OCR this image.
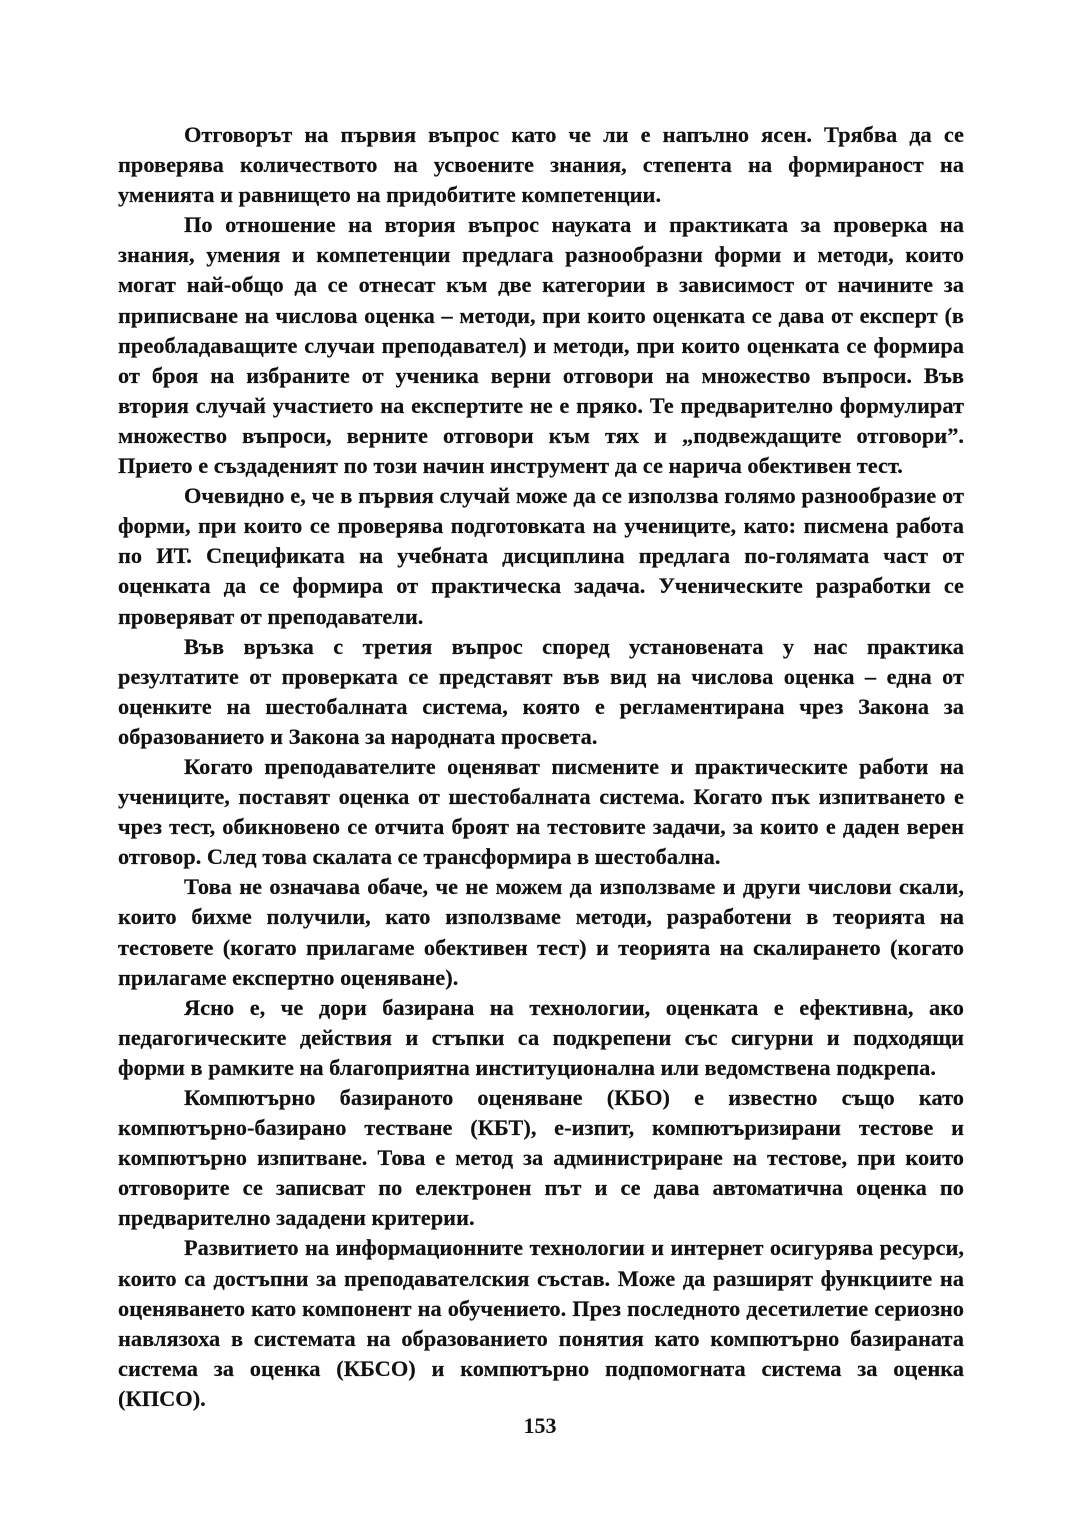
Отговорът на първия въпрос като че ли е напълно ясен. Трябва да се проверява количеството на усвоените знания, степента на формираност на уменията и равнището на придобитите компетенции.

По отношение на втория въпрос науката и практиката за проверка на знания, умения и компетенции предлага разнообразни форми и методи, които могат най-общо да се отнесат към две категории в зависимост от начините за приписване на числова оценка – методи, при които оценката се дава от експерт (в преобладаващите случаи преподавател) и методи, при които оценката се формира от броя на избраните от ученика верни отговори на множество въпроси. Във втория случай участието на експертите не е пряко. Те предварително формулират множество въпроси, верните отговори към тях и „подвеждащите отговори”. Прието е създаденият по този начин инструмент да се нарича обективен тест.

Очевидно е, че в първия случай може да се използва голямо разнообразие от форми, при които се проверява подготовката на учениците, като: писмена работа по ИТ. Спецификата на учебната дисциплина предлага по-голямата част от оценката да се формира от практическа задача. Ученическите разработки се проверяват от преподаватели.

Във връзка с третия въпрос според установената у нас практика резултатите от проверката се представят във вид на числова оценка – една от оценките на шестобалната система, която е регламентирана чрез Закона за образованието и Закона за народната просвета.

Когато преподавателите оценяват писмените и практическите работи на учениците, поставят оценка от шестобалната система. Когато пък изпитването е чрез тест, обикновено се отчита броят на тестовите задачи, за които е даден верен отговор. След това скалата се трансформира в шестобална.

Това не означава обаче, че не можем да използваме и други числови скали, които бихме получили, като използваме методи, разработени в теорията на тестовете (когато прилагаме обективен тест) и теорията на скалирането (когато прилагаме експертно оценяване).

Ясно е, че дори базирана на технологии, оценката е ефективна, ако педагогическите действия и стъпки са подкрепени със сигурни и подходящи форми в рамките на благоприятна институционална или ведомствена подкрепа.

Компютърно базираното оценяване (КБО) е известно също като компютърно-базирано тестване (КБТ), е-изпит, компютъризирани тестове и компютърно изпитване. Това е метод за администриране на тестове, при които отговорите се записват по електронен път и се дава автоматична оценка по предварително зададени критерии.

Развитието на информационните технологии и интернет осигурява ресурси, които са достъпни за преподавателския състав. Може да разширят функциите на оценяването като компонент на обучението. През последното десетилетие сериозно навлязоха в системата на образованието понятия като компютърно базираната система за оценка (КБСО) и компютърно подпомогната система за оценка (КПСО).

153
